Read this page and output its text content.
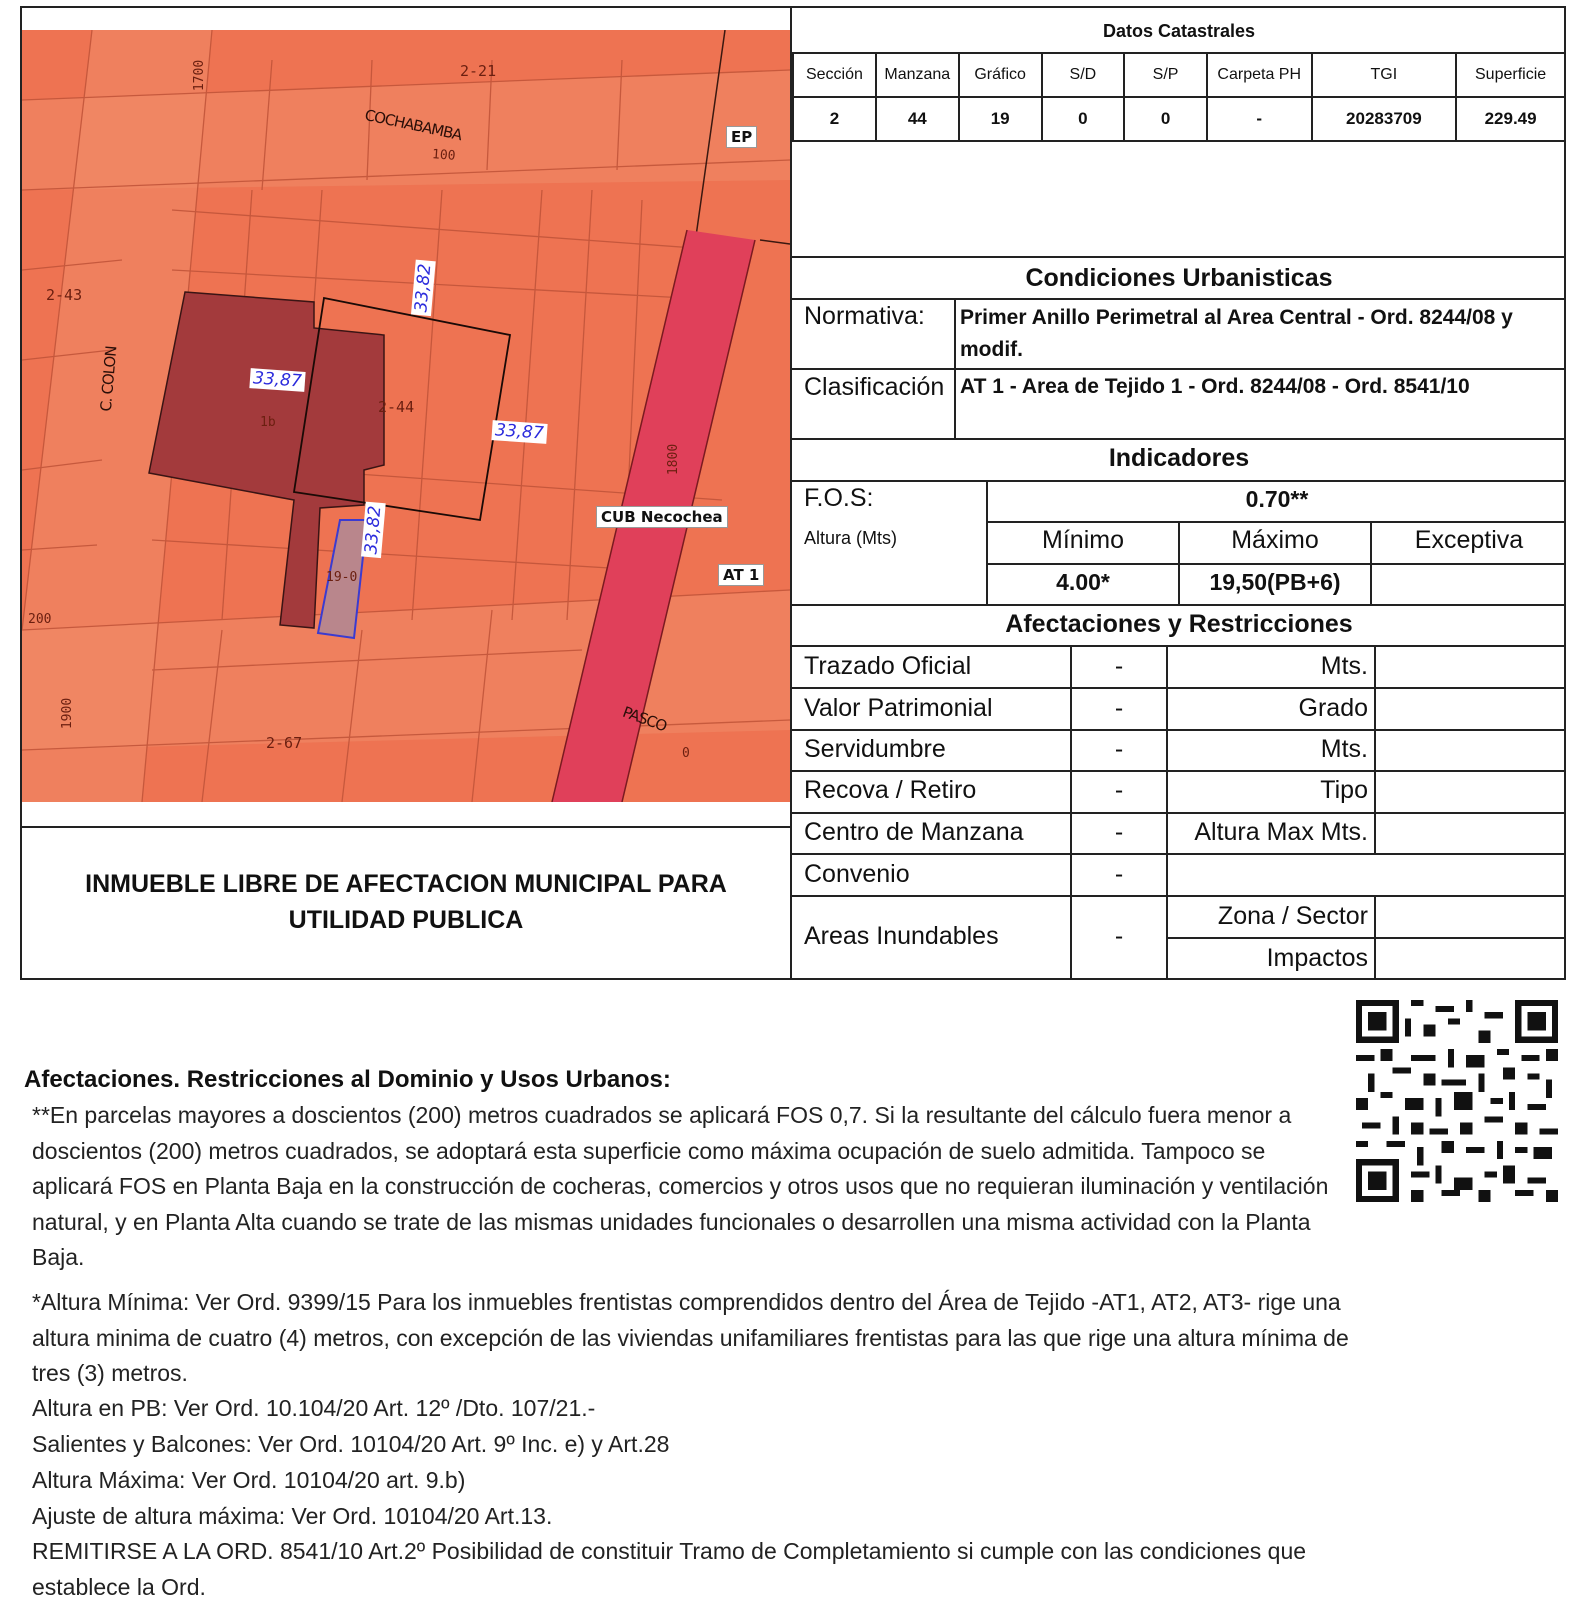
2-21
2-43
2-44
2-67
1b
19-0
1700
1800
1900
100
200
0
COCHABAMBA
C. COLON
PASCO
EP
CUB Necochea
AT 1
33,82
33,87
33,87
33,82
INMUEBLE LIBRE DE AFECTACION MUNICIPAL PARA UTILIDAD PUBLICA
Datos Catastrales
Sección	Manzana	Gráfico	S/D	S/P	Carpeta PH	TGI	Superficie
2	44	19	0	0	-	20283709	229.49
Condiciones Urbanisticas
Normativa: Primer Anillo Perimetral al Area Central - Ord. 8244/08 y modif.
Clasificación AT 1 - Area de Tejido 1 - Ord. 8244/08 - Ord. 8541/10
Indicadores
F.O.S:	0.70**
Altura (Mts)	Mínimo	Máximo	Exceptiva
4.00*	19,50(PB+6)
Afectaciones y Restricciones
Trazado Oficial	-	Mts.
Valor Patrimonial	-	Grado
Servidumbre	-	Mts.
Recova / Retiro	-	Tipo
Centro de Manzana	-	Altura Max Mts.
Convenio	-
Areas Inundables	-
Zona / Sector
Impactos
Afectaciones. Restricciones al Dominio y Usos Urbanos:
**En parcelas mayores a doscientos (200) metros cuadrados se aplicará FOS 0,7. Si la resultante del cálculo fuera menor a doscientos (200) metros cuadrados, se adoptará esta superficie como máxima ocupación de suelo admitida. Tampoco se aplicará FOS en Planta Baja en la construcción de cocheras, comercios y otros usos que no requieran iluminación y ventilación natural, y en Planta Alta cuando se trate de las mismas unidades funcionales o desarrollen una misma actividad con la Planta Baja.
*Altura Mínima: Ver Ord. 9399/15 Para los inmuebles frentistas comprendidos dentro del Área de Tejido -AT1, AT2, AT3- rige una altura minima de cuatro (4) metros, con excepción de las viviendas unifamiliares frentistas para las que rige una altura mínima de tres (3) metros.
Altura en PB: Ver Ord. 10.104/20 Art. 12º /Dto. 107/21.-
Salientes y Balcones: Ver Ord. 10104/20 Art. 9º Inc. e) y Art.28
Altura Máxima: Ver Ord. 10104/20 art. 9.b)
Ajuste de altura máxima: Ver Ord. 10104/20 Art.13.
REMITIRSE A LA ORD. 8541/10 Art.2º Posibilidad de constituir Tramo de Completamiento si cumple con las condiciones que establece la Ord.
